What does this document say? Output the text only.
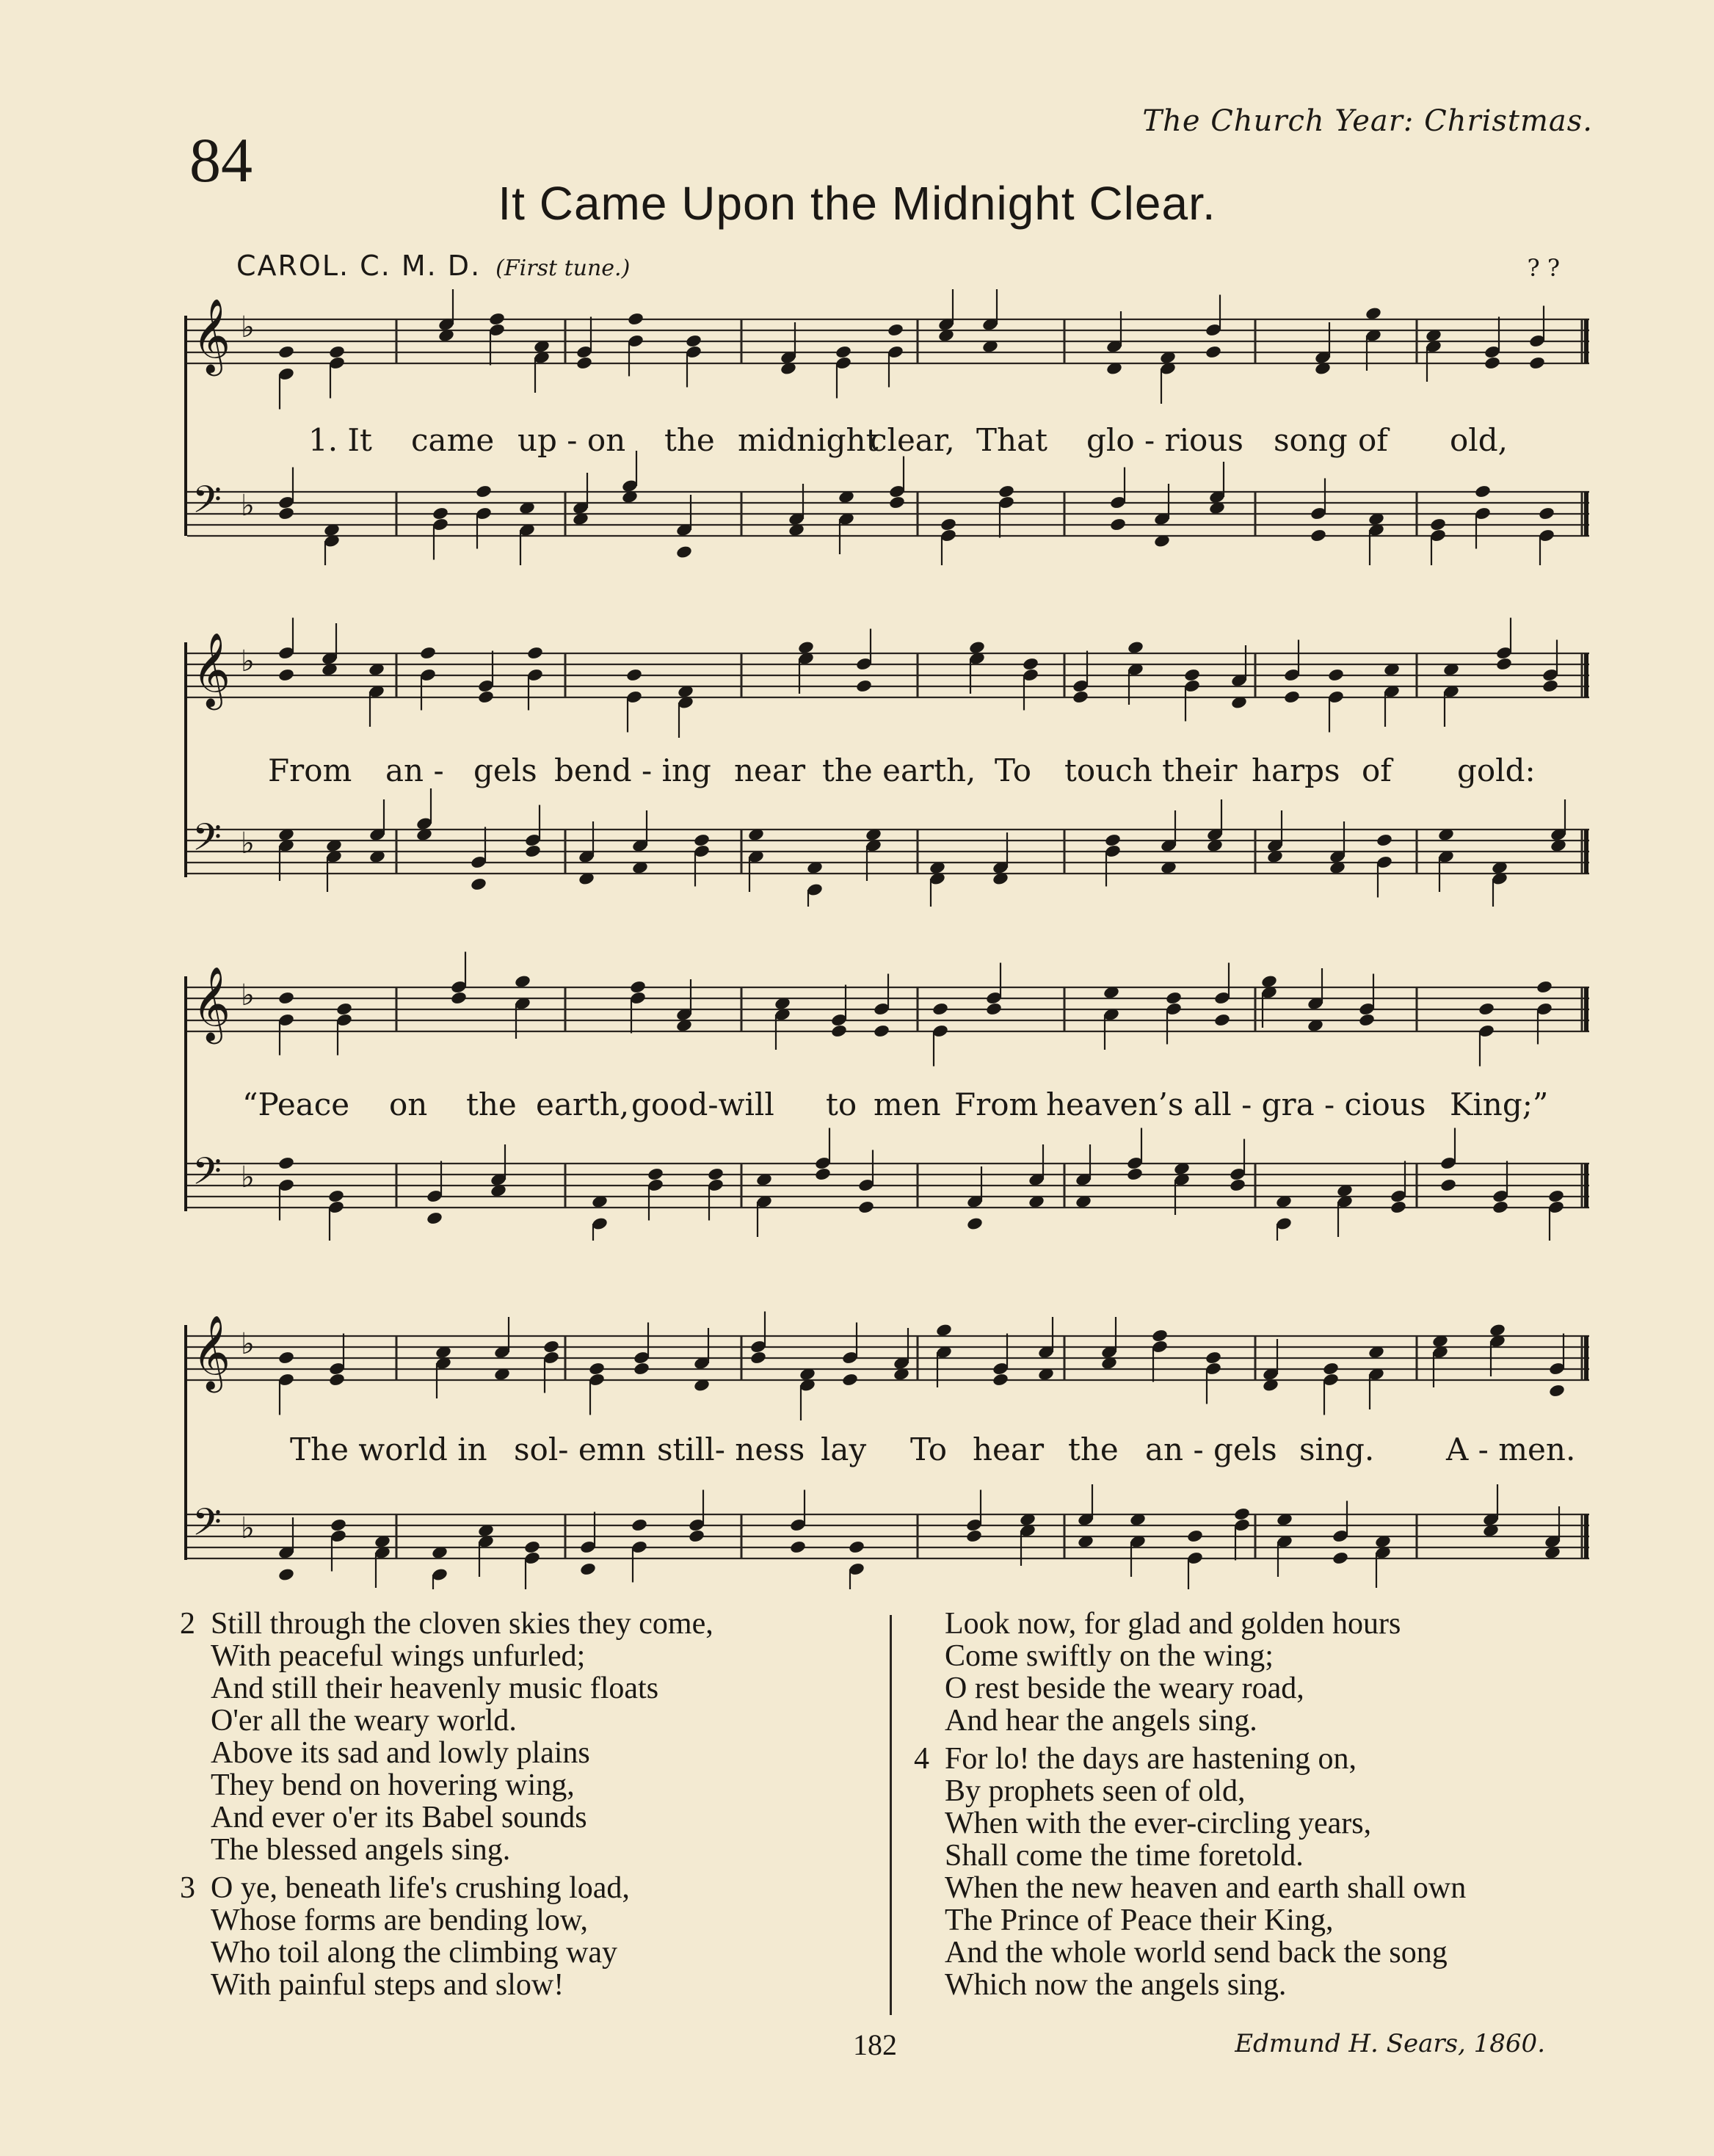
The Church Year: Christmas.
84
It Came Upon the Midnight Clear.
CAROL. C. M. D. (First tune.)	? ?
𝄞 ♭
𝄢 ♭
1. It came up - on the midnight
clear, That glo - rious song of old,
𝄞 ♭
𝄢 ♭
From an - gels bend - ing near the earth, To touch their harps of gold:
𝄞 ♭
𝄢 ♭
“Peace on the earth, good-will to men From heaven’s all - gra - cious King;”
𝄞 ♭
𝄢 ♭
The world in sol- emn still- ness lay To hear the an - gels sing. A - men.
2 Still through the cloven skies they come,
With peaceful wings unfurled;
And still their heavenly music floats
O'er all the weary world.
Above its sad and lowly plains
They bend on hovering wing,
And ever o'er its Babel sounds
The blessed angels sing.
3 O ye, beneath life's crushing load,
Whose forms are bending low,
Who toil along the climbing way
With painful steps and slow!
Look now, for glad and golden hours
Come swiftly on the wing;
O rest beside the weary road,
And hear the angels sing.
4 For lo! the days are hastening on,
By prophets seen of old,
When with the ever-circling years,
Shall come the time foretold.
When the new heaven and earth shall own
The Prince of Peace their King,
And the whole world send back the song
Which now the angels sing.
182	Edmund H. Sears, 1860.
